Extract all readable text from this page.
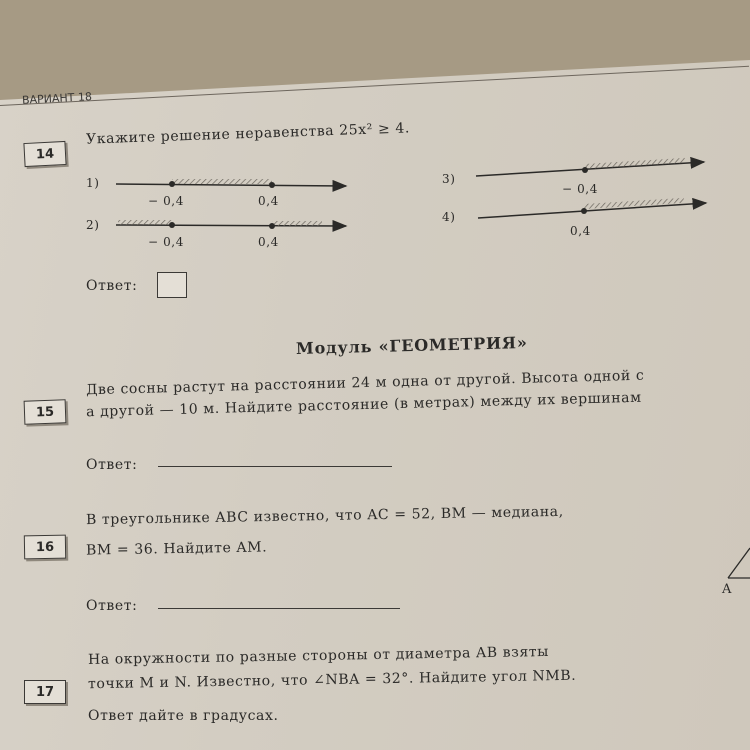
ВАРИАНТ 18
14
Укажите решение неравенства 25x² ≥ 4.
1)
− 0,4	0,4
2)
− 0,4	0,4
3)
− 0,4
4)
0,4
Ответ:
Модуль «ГЕОМЕТРИЯ»
15
Две сосны растут на расстоянии 24 м одна от другой. Высота одной с
а другой — 10 м. Найдите расстояние (в метрах) между их вершинам
Ответ:
16
В треугольнике ABC известно, что AC = 52, BM — медиана,
BM = 36. Найдите AM.
A
Ответ:
17
На окружности по разные стороны от диаметра AB взяты
точки M и N. Известно, что ∠NBA = 32°. Найдите угол NMB.
Ответ дайте в градусах.
